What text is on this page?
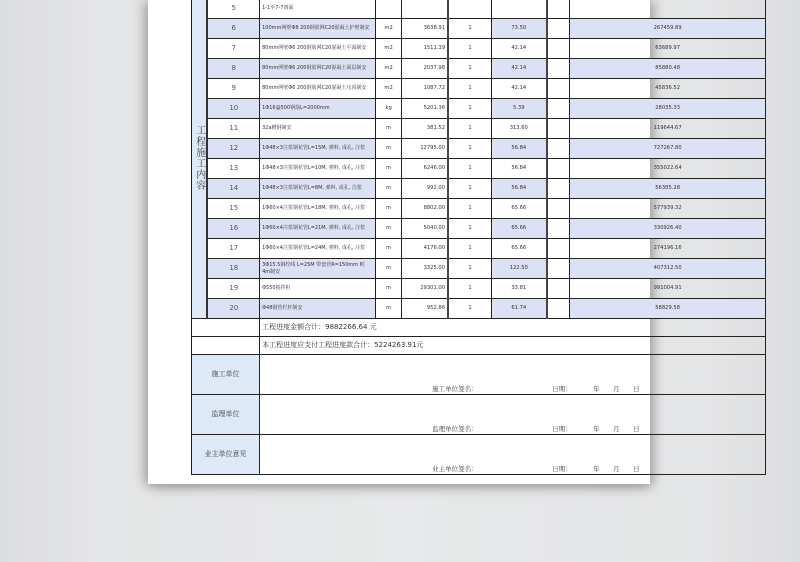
工程施工内容	5	1-1至7-7剖面						
	6	100mm网壁Φ8 200钢筋网C20混凝土护壁制安	m2	3638.91	1	73.50		267459.89
	7	80mm网壁Φ6 200钢筋网C20混凝土平面制安	m2	1511.39	1	42.14		63689.97
	8	80mm网壁Φ6 200钢筋网C20混凝土面层制安	m2	2037.98	1	42.14		85880.48
	9	80mm网壁Φ6 200钢筋网C20混凝土压顶制安	m2	1087.72	1	42.14		45836.52
	10	1Φ16@500钢筋L=2000mm	kg	5201.36	1	5.39		28035.33
	11	32a槽钢制安	m	381.52	1	313.60		119644.67
	12	1Φ48×3注浆钢花管L=15M, 弹料, 成孔, 注浆	m	12795.00	1	56.84		727267.80
	13	1Φ48×3注浆钢花管L=10M, 弹料, 成孔, 注浆	m	6246.00	1	56.84		355022.64
	14	1Φ48×3注浆钢花管L=8M, 弹料, 成孔, 注浆	m	992.00	1	56.84		56385.28
	15	1Φ60×4注浆钢花管L=18M, 弹料, 成孔, 注浆	m	8802.00	1	65.66		577939.32
	16	1Φ60×4注浆钢花管L=21M, 弹料, 成孔, 注浆	m	5040.00	1	65.66		330926.40
	17	1Φ60×4注浆钢花管L=24M, 弹料, 成孔, 注浆	m	4176.00	1	65.66		274196.16
	18	3Φ15.5钢绞线 L=25M 带套管R=150mm 畦 4m制安	m	3325.00	1	122.50		407312.50
	19	Φ550搅拌桩	m	29301.00	1	33.81		991004.91
	20	Φ48钢管栏杆制安	m	952.86	1	61.74		58829.58
		工程进度金额合计：9882266.64 元						
		本工程进度应支付工程进度款合计：5224263.91元						
施工单位		施工单位签名： 日期： 年 月 日						

监理单位		监理单位签名： 日期： 年 月 日						

业主单位意见		业主单位签名： 日期： 年 月 日						
